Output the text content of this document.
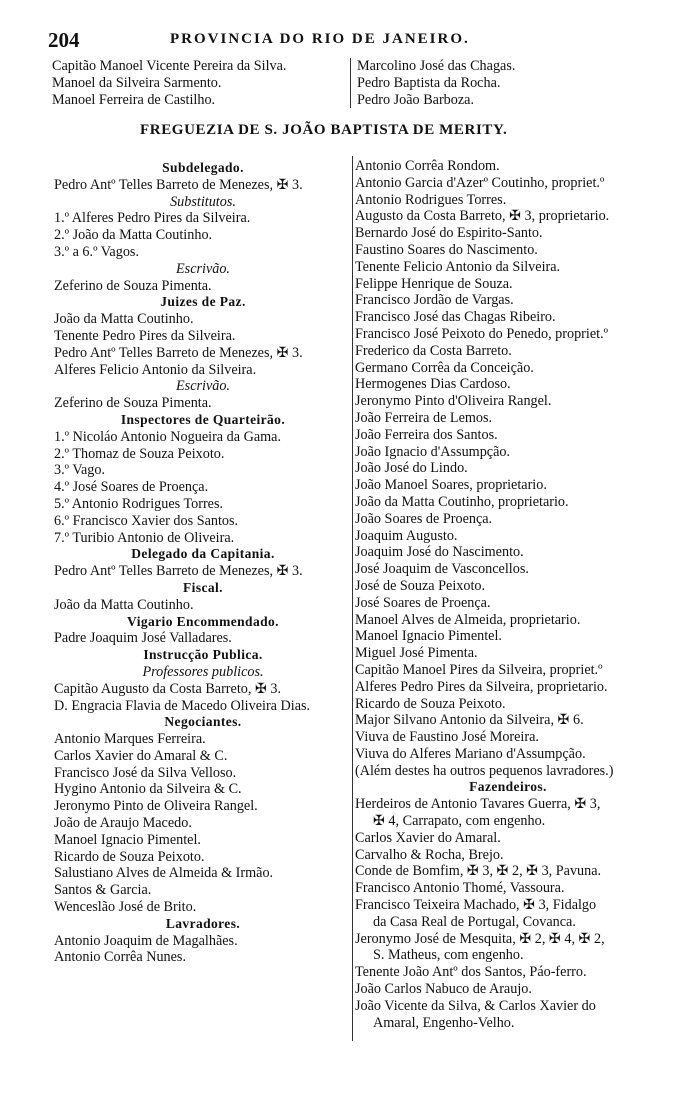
204	PROVINCIA DO RIO DE JANEIRO.
Capitão Manoel Vicente Pereira da Silva.
Manoel da Silveira Sarmento.
Manoel Ferreira de Castilho.
Marcolino José das Chagas.
Pedro Baptista da Rocha.
Pedro João Barboza.
FREGUEZIA DE S. JOÃO BAPTISTA DE MERITY.
Subdelegado.
Pedro Antº Telles Barreto de Menezes, ✠ 3.
Substitutos.
1.º Alferes Pedro Pires da Silveira.
2.º João da Matta Coutinho.
3.º a 6.º Vagos.
Escrivão.
Zeferino de Souza Pimenta.
Juizes de Paz.
João da Matta Coutinho.
Tenente Pedro Pires da Silveira.
Pedro Antº Telles Barreto de Menezes, ✠ 3.
Alferes Felicio Antonio da Silveira.
Escrivão.
Zeferino de Souza Pimenta.
Inspectores de Quarteirão.
1.º Nicoláo Antonio Nogueira da Gama.
2.º Thomaz de Souza Peixoto.
3.º Vago.
4.º José Soares de Proença.
5.º Antonio Rodrigues Torres.
6.º Francisco Xavier dos Santos.
7.º Turibio Antonio de Oliveira.
Delegado da Capitania.
Pedro Antº Telles Barreto de Menezes, ✠ 3.
Fiscal.
João da Matta Coutinho.
Vigario Encommendado.
Padre Joaquim José Valladares.
Instrucção Publica.
Professores publicos.
Capitão Augusto da Costa Barreto, ✠ 3.
D. Engracia Flavia de Macedo Oliveira Dias.
Negociantes.
Antonio Marques Ferreira.
Carlos Xavier do Amaral & C.
Francisco José da Silva Velloso.
Hygino Antonio da Silveira & C.
Jeronymo Pinto de Oliveira Rangel.
João de Araujo Macedo.
Manoel Ignacio Pimentel.
Ricardo de Souza Peixoto.
Salustiano Alves de Almeida & Irmão.
Santos & Garcia.
Wenceslão José de Brito.
Lavradores.
Antonio Joaquim de Magalhães.
Antonio Corrêa Nunes.
Antonio Corrêa Rondom.
Antonio Garcia d'Azerº Coutinho, propriet.º
Antonio Rodrigues Torres.
Augusto da Costa Barreto, ✠ 3, proprietario.
Bernardo José do Espirito-Santo.
Faustino Soares do Nascimento.
Tenente Felicio Antonio da Silveira.
Felippe Henrique de Souza.
Francisco Jordão de Vargas.
Francisco José das Chagas Ribeiro.
Francisco José Peixoto do Penedo, propriet.º
Frederico da Costa Barreto.
Germano Corrêa da Conceição.
Hermogenes Dias Cardoso.
Jeronymo Pinto d'Oliveira Rangel.
João Ferreira de Lemos.
João Ferreira dos Santos.
João Ignacio d'Assumpção.
João José do Lindo.
João Manoel Soares, proprietario.
João da Matta Coutinho, proprietario.
João Soares de Proença.
Joaquim Augusto.
Joaquim José do Nascimento.
José Joaquim de Vasconcellos.
José de Souza Peixoto.
José Soares de Proença.
Manoel Alves de Almeida, proprietario.
Manoel Ignacio Pimentel.
Miguel José Pimenta.
Capitão Manoel Pires da Silveira, propriet.º
Alferes Pedro Pires da Silveira, proprietario.
Ricardo de Souza Peixoto.
Major Silvano Antonio da Silveira, ✠ 6.
Viuva de Faustino José Moreira.
Viuva do Alferes Mariano d'Assumpção.
(Além destes ha outros pequenos lavradores.)
Fazendeiros.
Herdeiros de Antonio Tavares Guerra, ✠ 3,
✠ 4, Carrapato, com engenho.
Carlos Xavier do Amaral.
Carvalho & Rocha, Brejo.
Conde de Bomfim, ✠ 3, ✠ 2, ✠ 3, Pavuna.
Francisco Antonio Thomé, Vassoura.
Francisco Teixeira Machado, ✠ 3, Fidalgo
da Casa Real de Portugal, Covanca.
Jeronymo José de Mesquita, ✠ 2, ✠ 4, ✠ 2,
S. Matheus, com engenho.
Tenente João Antº dos Santos, Páo-ferro.
João Carlos Nabuco de Araujo.
João Vicente da Silva, & Carlos Xavier do
Amaral, Engenho-Velho.
